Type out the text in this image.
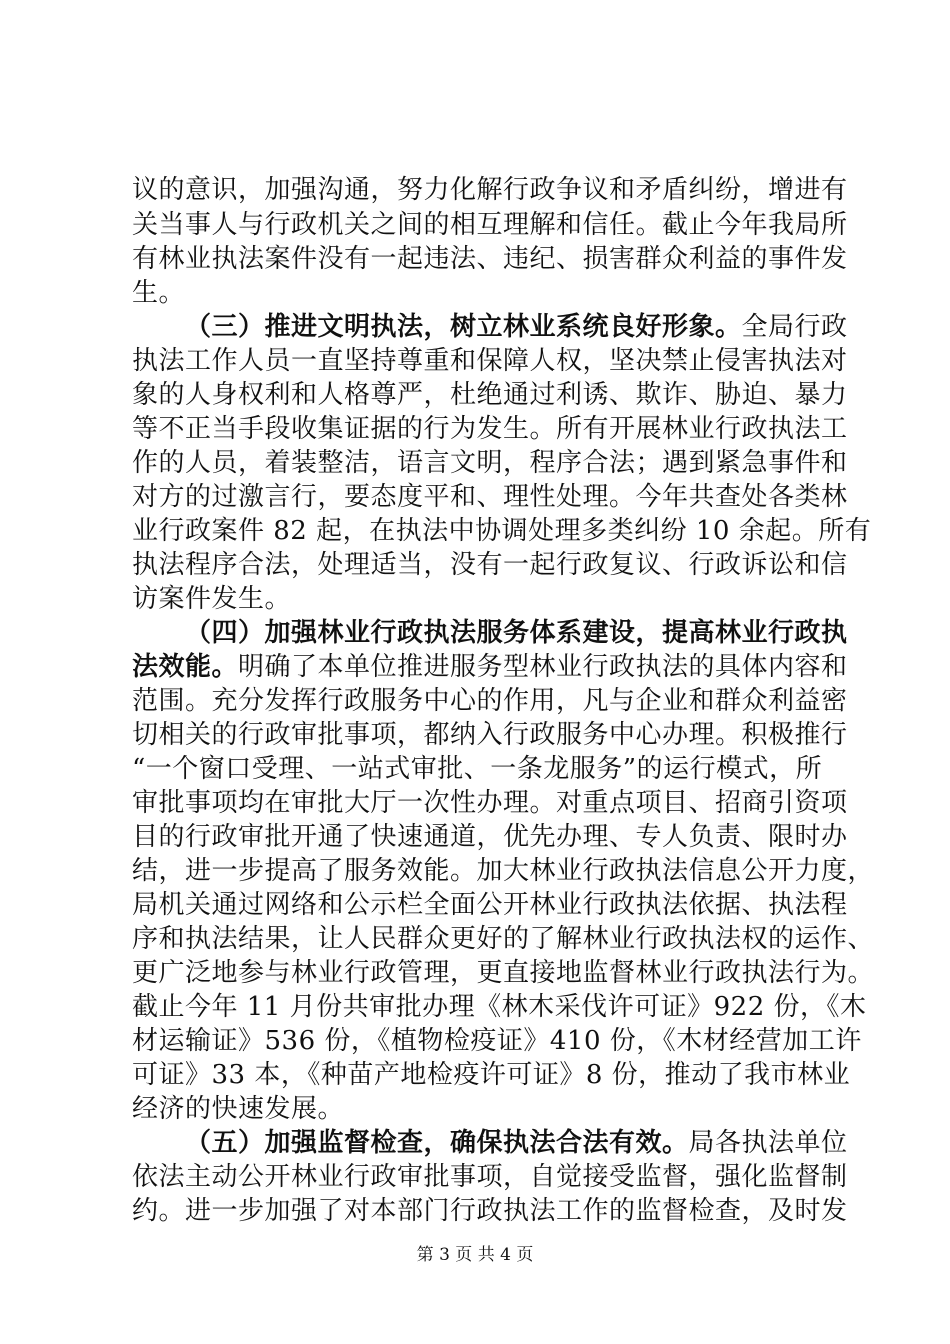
议的意识，加强沟通，努力化解行政争议和矛盾纠纷，增进有
关当事人与行政机关之间的相互理解和信任。截止今年我局所
有林业执法案件没有一起违法、违纪、损害群众利益的事件发
生。
（三）推进文明执法，树立林业系统良好形象。全局行政
执法工作人员一直坚持尊重和保障人权，坚决禁止侵害执法对
象的人身权利和人格尊严，杜绝通过利诱、欺诈、胁迫、暴力
等不正当手段收集证据的行为发生。所有开展林业行政执法工
作的人员，着装整洁，语言文明，程序合法；遇到紧急事件和
对方的过激言行，要态度平和、理性处理。今年共查处各类林
业行政案件 82 起，在执法中协调处理多类纠纷 10 余起。所有
执法程序合法，处理适当，没有一起行政复议、行政诉讼和信
访案件发生。
（四）加强林业行政执法服务体系建设，提高林业行政执
法效能。明确了本单位推进服务型林业行政执法的具体内容和
范围。充分发挥行政服务中心的作用，凡与企业和群众利益密
切相关的行政审批事项，都纳入行政服务中心办理。积极推行
“一个窗口受理、一站式审批、一条龙服务”的运行模式，所
审批事项均在审批大厅一次性办理。对重点项目、招商引资项
目的行政审批开通了快速通道，优先办理、专人负责、限时办
结，进一步提高了服务效能。加大林业行政执法信息公开力度，
局机关通过网络和公示栏全面公开林业行政执法依据、执法程
序和执法结果，让人民群众更好的了解林业行政执法权的运作、
更广泛地参与林业行政管理，更直接地监督林业行政执法行为。
截止今年 11 月份共审批办理《林木采伐许可证》922 份，《木
材运输证》536 份，《植物检疫证》410 份，《木材经营加工许
可证》33 本，《种苗产地检疫许可证》8 份，推动了我市林业
经济的快速发展。
（五）加强监督检查，确保执法合法有效。局各执法单位
依法主动公开林业行政审批事项，自觉接受监督，强化监督制
约。进一步加强了对本部门行政执法工作的监督检查，及时发
第 3 页 共 4 页
